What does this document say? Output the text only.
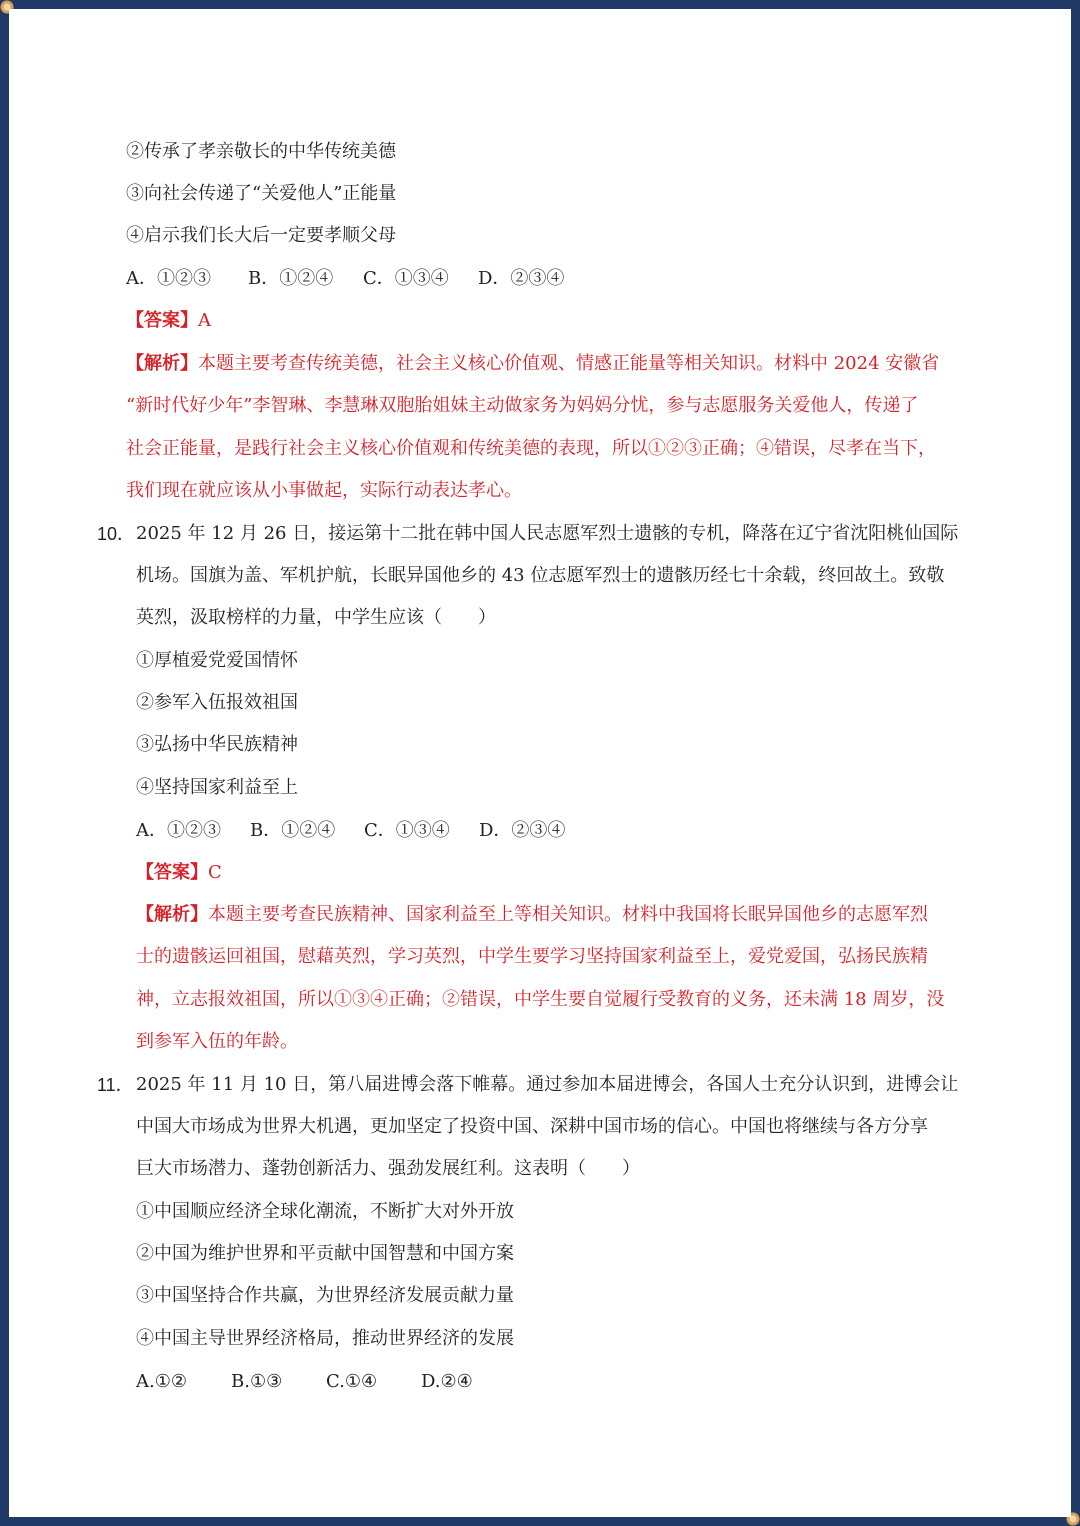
②传承了孝亲敬长的中华传统美德
③向社会传递了“关爱他人”正能量
④启示我们长大后一定要孝顺父母
A．①②③ B．①②④ C．①③④ D．②③④
【答案】A
【解析】本题主要考查传统美德，社会主义核心价值观、情感正能量等相关知识。材料中 2024 安徽省
“新时代好少年”李智琳、李慧琳双胞胎姐妹主动做家务为妈妈分忧，参与志愿服务关爱他人，传递了
社会正能量，是践行社会主义核心价值观和传统美德的表现，所以①②③正确；④错误，尽孝在当下，
我们现在就应该从小事做起，实际行动表达孝心。
10． 2025 年 12 月 26 日，接运第十二批在韩中国人民志愿军烈士遗骸的专机，降落在辽宁省沈阳桃仙国际
机场。国旗为盖、军机护航，长眠异国他乡的 43 位志愿军烈士的遗骸历经七十余载，终回故土。致敬
英烈，汲取榜样的力量，中学生应该（　　）
①厚植爱党爱国情怀
②参军入伍报效祖国
③弘扬中华民族精神
④坚持国家利益至上
A．①②③ B．①②④ C．①③④ D．②③④
【答案】C
【解析】本题主要考查民族精神、国家利益至上等相关知识。材料中我国将长眠异国他乡的志愿军烈
士的遗骸运回祖国，慰藉英烈，学习英烈，中学生要学习坚持国家利益至上，爱党爱国，弘扬民族精
神，立志报效祖国，所以①③④正确；②错误，中学生要自觉履行受教育的义务，还未满 18 周岁，没
到参军入伍的年龄。
11． 2025 年 11 月 10 日，第八届进博会落下帷幕。通过参加本届进博会，各国人士充分认识到，进博会让
中国大市场成为世界大机遇，更加坚定了投资中国、深耕中国市场的信心。中国也将继续与各方分享
巨大市场潜力、蓬勃创新活力、强劲发展红利。这表明（　　）
①中国顺应经济全球化潮流，不断扩大对外开放
②中国为维护世界和平贡献中国智慧和中国方案
③中国坚持合作共赢，为世界经济发展贡献力量
④中国主导世界经济格局，推动世界经济的发展
A.①② B.①③ C.①④ D.②④
